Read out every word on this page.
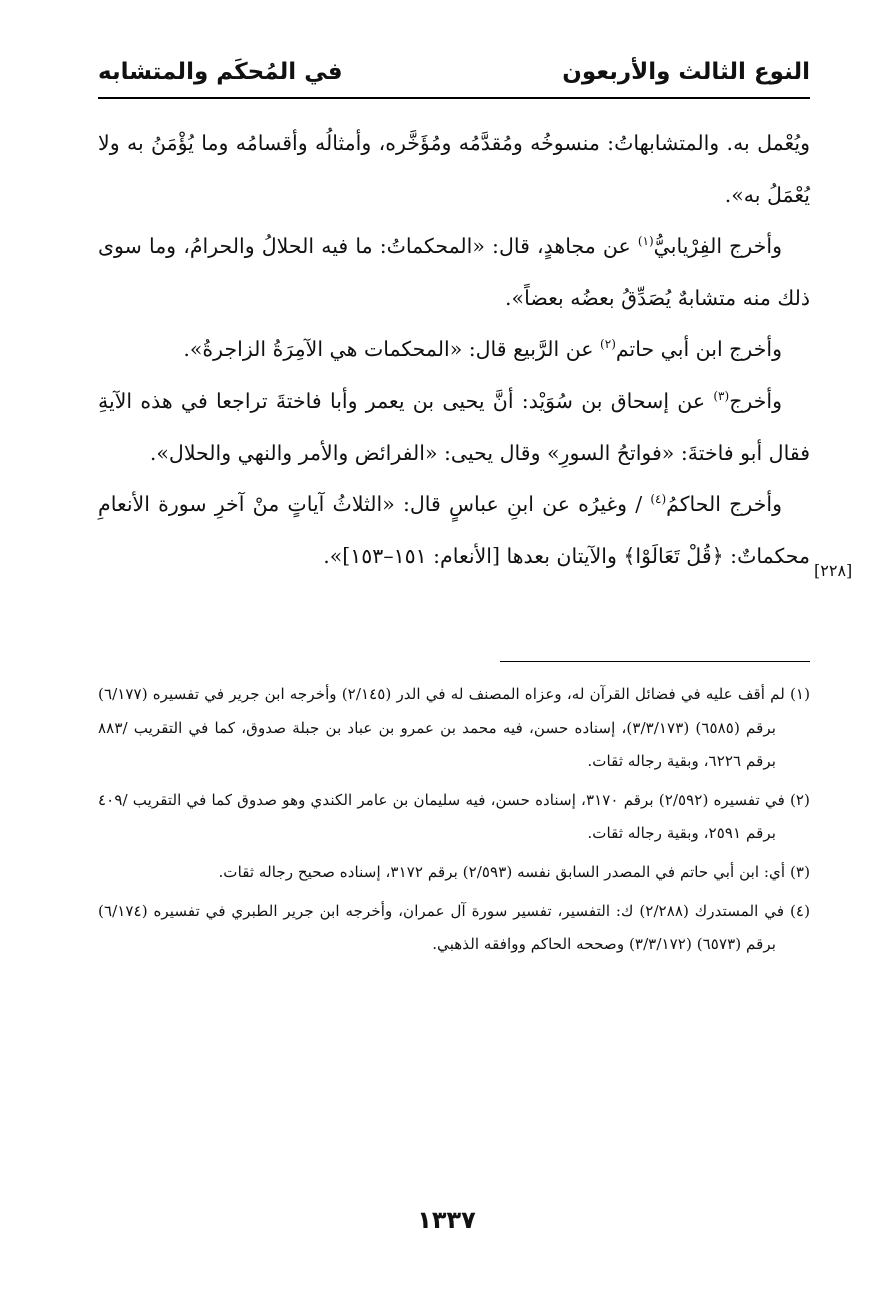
النوع الثالث والأربعون
في المُحكَم والمتشابه

ويُعْمل به. والمتشابهاتُ: منسوخُه ومُقدَّمُه ومُؤَخَّره، وأمثالُه وأقسامُه وما يُؤْمَنُ به ولا يُعْمَلُ به».

وأخرج الفِرْيابيُّ$^{(١)}$ عن مجاهدٍ، قال: «المحكماتُ: ما فيه الحلالُ والحرامُ، وما سوى ذلك منه متشابهٌ يُصَدِّقُ بعضُه بعضاً».

وأخرج ابن أبي حاتم$^{(٢)}$ عن الرَّبيع قال: «المحكمات هي الآمِرَةُ الزاجرةُ».

وأخرج$^{(٣)}$ عن إسحاق بن سُوَيْد: أنَّ يحيى بن يعمر وأبا فاختةَ تراجعا في هذه الآيةِ فقال أبو فاختةَ: «فواتحُ السورِ» وقال يحيى: «الفرائض والأمر والنهي والحلال».

وأخرج الحاكمُ$^{(٤)}$ / وغيرُه عن ابنِ عباسٍ قال: «الثلاثُ آياتٍ منْ آخرِ سورة الأنعامِ محكماتٌ: ﴿قُلْ تَعَالَوْا﴾ والآيتان بعدها [الأنعام: ١٥١–١٥٣]».

[٢٢٨]

(١) لم أقف عليه في فضائل القرآن له، وعزاه المصنف له في الدر (٢/١٤٥) وأخرجه ابن جرير في تفسيره (٦/١٧٧) برقم (٦٥٨٥) (٣/٣/١٧٣)، إسناده حسن، فيه محمد بن عمرو بن عباد بن جبلة صدوق، كما في التقريب /٨٨٣ برقم ٦٢٢٦، وبقية رجاله ثقات.

(٢) في تفسيره (٢/٥٩٢) برقم ٣١٧٠، إسناده حسن، فيه سليمان بن عامر الكندي وهو صدوق كما في التقريب /٤٠٩ برقم ٢٥٩١، وبقية رجاله ثقات.

(٣) أي: ابن أبي حاتم في المصدر السابق نفسه (٢/٥٩٣) برقم ٣١٧٢، إسناده صحيح رجاله ثقات.

(٤) في المستدرك (٢/٢٨٨) ك: التفسير، تفسير سورة آل عمران، وأخرجه ابن جرير الطبري في تفسيره (٦/١٧٤) برقم (٦٥٧٣) (٣/٣/١٧٢) وصححه الحاكم ووافقه الذهبي.

١٣٣٧
